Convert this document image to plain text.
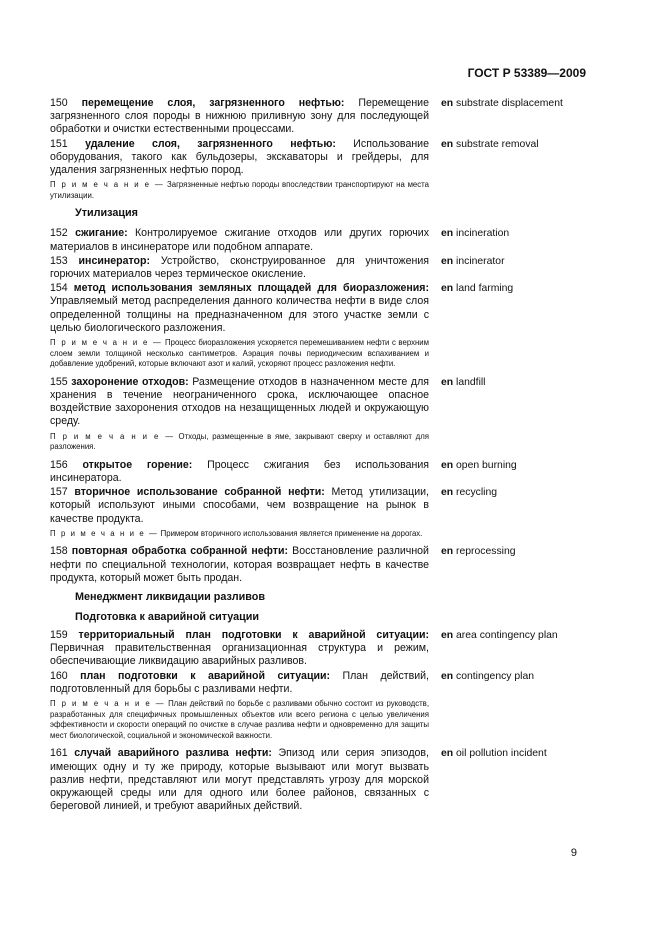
ГОСТ Р 53389—2009
150 перемещение слоя, загрязненного нефтью: Перемещение загрязненного слоя породы в нижнюю приливную зону для последующей обработки и очистки естественными процессами.
en substrate displacement
151 удаление слоя, загрязненного нефтью: Использование оборудования, такого как бульдозеры, экскаваторы и грейдеры, для удаления загрязненных нефтью пород.
en substrate removal
П р и м е ч а н и е — Загрязненные нефтью породы впоследствии транспортируют на места утилизации.
Утилизация
152 сжигание: Контролируемое сжигание отходов или других горючих материалов в инсинераторе или подобном аппарате.
en incineration
153 инсинератор: Устройство, сконструированное для уничтожения горючих материалов через термическое окисление.
en incinerator
154 метод использования земляных площадей для биоразложения: Управляемый метод распределения данного количества нефти в виде слоя определенной толщины на предназначенном для этого участке земли с целью биологического разложения.
en land farming
П р и м е ч а н и е — Процесс биоразложения ускоряется перемешиванием нефти с верхним слоем земли толщиной несколько сантиметров. Аэрация почвы периодическим вспахиванием и добавление удобрений, которые включают азот и калий, ускоряют процесс разложения нефти.
155 захоронение отходов: Размещение отходов в назначенном месте для хранения в течение неограниченного срока, исключающее опасное воздействие захоронения отходов на незащищенных людей и окружающую среду.
en landfill
П р и м е ч а н и е — Отходы, размещенные в яме, закрывают сверху и оставляют для разложения.
156 открытое горение: Процесс сжигания без использования инсинератора.
en open burning
157 вторичное использование собранной нефти: Метод утилизации, который используют иными способами, чем возвращение на рынок в качестве продукта.
en recycling
П р и м е ч а н и е — Примером вторичного использования является применение на дорогах.
158 повторная обработка собранной нефти: Восстановление различной нефти по специальной технологии, которая возвращает нефть в качестве продукта, который может быть продан.
en reprocessing
Менеджмент ликвидации разливов
Подготовка к аварийной ситуации
159 территориальный план подготовки к аварийной ситуации: Первичная правительственная организационная структура и режим, обеспечивающие ликвидацию аварийных разливов.
en area contingency plan
160 план подготовки к аварийной ситуации: План действий, подготовленный для борьбы с разливами нефти.
en contingency plan
П р и м е ч а н и е — План действий по борьбе с разливами обычно состоит из руководств, разработанных для специфичных промышленных объектов или всего региона с целью увеличения эффективности и скорости операций по очистке в случае разлива нефти и одновременно для защиты мест биологической, социальной и экономической важности.
161 случай аварийного разлива нефти: Эпизод или серия эпизодов, имеющих одну и ту же природу, которые вызывают или могут вызвать разлив нефти, представляют или могут представлять угрозу для морской окружающей среды или для одного или более районов, связанных с береговой линией, и требуют аварийных действий.
en oil pollution incident
9
